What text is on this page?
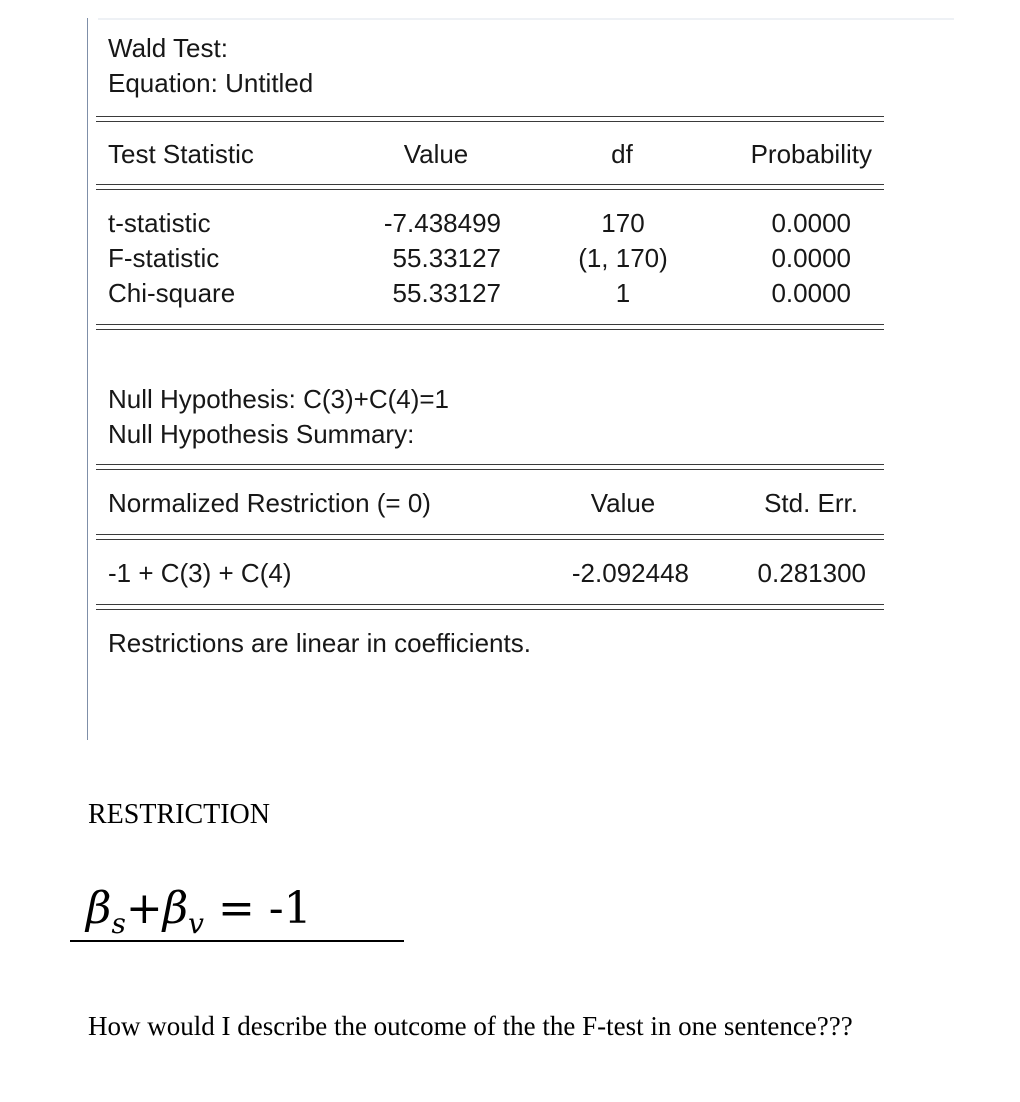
Wald Test:
Equation: Untitled
Test Statistic	Value	df	Probability
t-statistic	-7.438499	170	0.0000
F-statistic	55.33127	(1, 170)	0.0000
Chi-square	55.33127	1	0.0000
Null Hypothesis: C(3)+C(4)=1
Null Hypothesis Summary:
Normalized Restriction (= 0)	Value	Std. Err.
-1 + C(3) + C(4)	-2.092448	0.281300
Restrictions are linear in coefficients.
RESTRICTION
$\beta_s+\beta_v = -1$
How would I describe the outcome of the the F-test in one sentence???
